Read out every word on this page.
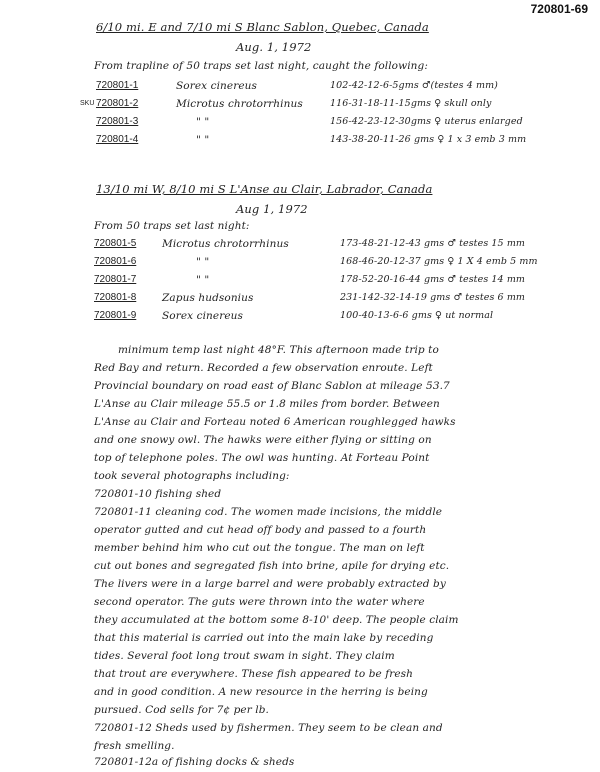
720801-69
6/10 mi. E and 7/10 mi S Blanc Sablon, Quebec, Canada
Aug. 1, 1972
From trapline of 50 traps set last night, caught the following:
720801-1	Sorex cinereus	102-42-12-6-5gms ♂(testes 4 mm)
SKU 720801-2	Microtus chrotorrhinus	116-31-18-11-15gms ♀ skull only
720801-3	" "	156-42-23-12-30gms ♀ uterus enlarged
720801-4	" "	143-38-20-11-26 gms ♀ 1 x 3 emb 3 mm
13/10 mi W, 8/10 mi S L'Anse au Clair, Labrador, Canada
Aug 1, 1972
From 50 traps set last night:
720801-5 Microtus chrotorrhinus	173-48-21-12-43 gms ♂ testes 15 mm
720801-6	" "	168-46-20-12-37 gms ♀ 1 X 4 emb 5 mm
720801-7	" "	178-52-20-16-44 gms ♂ testes 14 mm
720801-8 Zapus hudsonius	231-142-32-14-19 gms ♂ testes 6 mm
720801-9 Sorex cinereus	100-40-13-6-6 gms ♀ ut normal
minimum temp last night 48°F. This afternoon made trip to
Red Bay and return. Recorded a few observation enroute. Left
Provincial boundary on road east of Blanc Sablon at mileage 53.7
L'Anse au Clair mileage 55.5 or 1.8 miles from border. Between
L'Anse au Clair and Forteau noted 6 American roughlegged hawks
and one snowy owl. The hawks were either flying or sitting on
top of telephone poles. The owl was hunting. At Forteau Point
took several photographs including:
720801-10 fishing shed
720801-11 cleaning cod. The women made incisions, the middle
operator gutted and cut head off body and passed to a fourth
member behind him who cut out the tongue. The man on left
cut out bones and segregated fish into brine, apile for drying etc.
The livers were in a large barrel and were probably extracted by
second operator. The guts were thrown into the water where
they accumulated at the bottom some 8-10' deep. The people claim
that this material is carried out into the main lake by receding
tides. Several foot long trout swam in sight. They claim
that trout are everywhere. These fish appeared to be fresh
and in good condition. A new resource in the herring is being
pursued. Cod sells for 7¢ per lb.
720801-12 Sheds used by fishermen. They seem to be clean and
fresh smelling.
720801-12a of fishing docks & sheds
